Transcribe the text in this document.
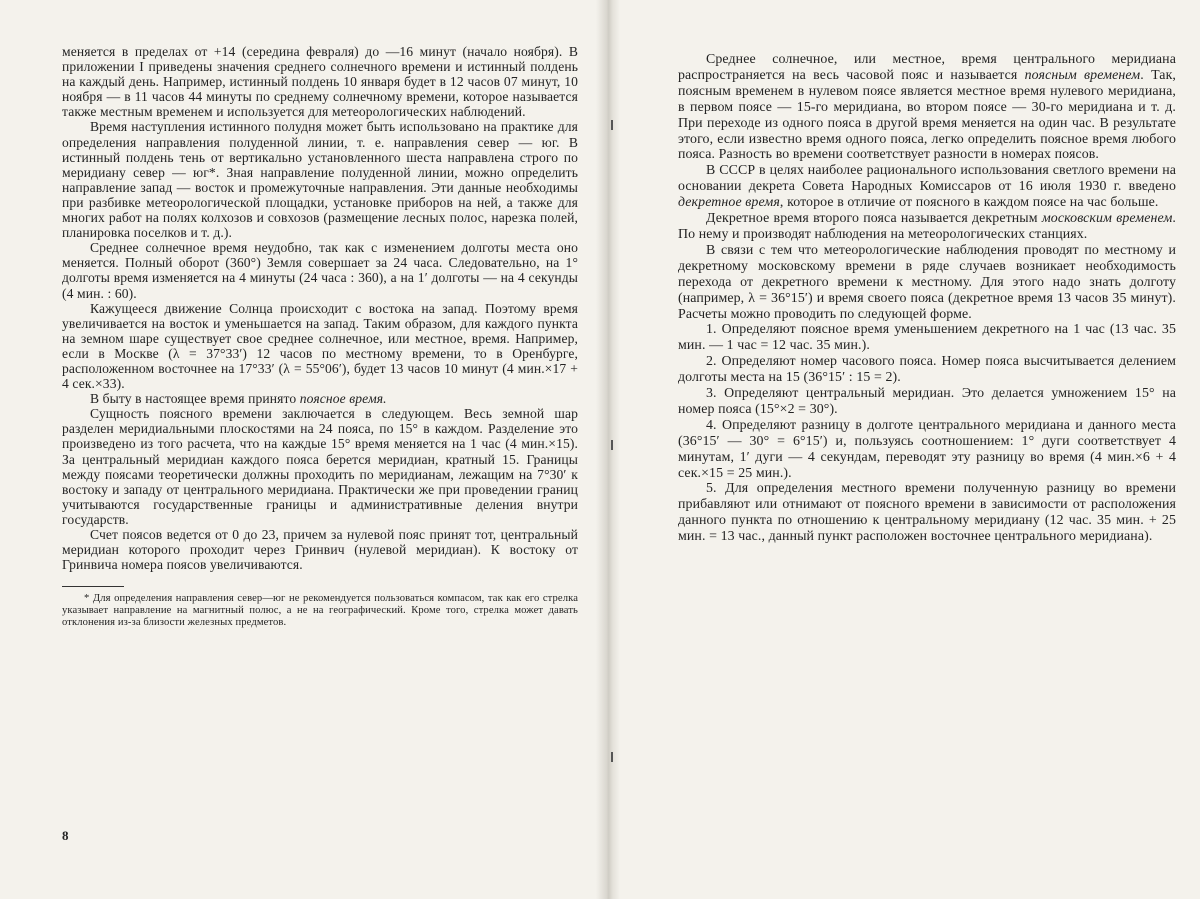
меняется в пределах от +14 (середина февраля) до —16 минут (начало ноября). В приложении I приведены значения среднего солнечного времени и истинный полдень на каждый день. Например, истинный полдень 10 января будет в 12 часов 07 минут, 10 ноября — в 11 часов 44 минуты по среднему солнечному времени, которое называется также местным временем и используется для метеорологических наблюдений.

Время наступления истинного полудня может быть использовано на практике для определения направления полуденной линии, т. е. направления север — юг. В истинный полдень тень от вертикально установленного шеста направлена строго по меридиану север — юг*. Зная направление полуденной линии, можно определить направление запад — восток и промежуточные направления. Эти данные необходимы при разбивке метеорологической площадки, установке приборов на ней, а также для многих работ на полях колхозов и совхозов (размещение лесных полос, нарезка полей, планировка поселков и т. д.).

Среднее солнечное время неудобно, так как с изменением долготы места оно меняется. Полный оборот (360°) Земля совершает за 24 часа. Следовательно, на 1° долготы время изменяется на 4 минуты (24 часа : 360), а на 1′ долготы — на 4 секунды (4 мин. : 60).

Кажущееся движение Солнца происходит с востока на запад. Поэтому время увеличивается на восток и уменьшается на запад. Таким образом, для каждого пункта на земном шаре существует свое среднее солнечное, или местное, время. Например, если в Москве (λ = 37°33′) 12 часов по местному времени, то в Оренбурге, расположенном восточнее на 17°33′ (λ = 55°06′), будет 13 часов 10 минут (4 мин.×17 + 4 сек.×33).

В быту в настоящее время принято поясное время.

Сущность поясного времени заключается в следующем. Весь земной шар разделен меридиальными плоскостями на 24 пояса, по 15° в каждом. Разделение это произведено из того расчета, что на каждые 15° время меняется на 1 час (4 мин.×15). За центральный меридиан каждого пояса берется меридиан, кратный 15. Границы между поясами теоретически должны проходить по меридианам, лежащим на 7°30′ к востоку и западу от центрального меридиана. Практически же при проведении границ учитываются государственные границы и административные деления внутри государств.

Счет поясов ведется от 0 до 23, причем за нулевой пояс принят тот, центральный меридиан которого проходит через Гринвич (нулевой меридиан). К востоку от Гринвича номера поясов увеличиваются.

* Для определения направления север—юг не рекомендуется пользоваться компасом, так как его стрелка указывает направление на магнитный полюс, а не на географический. Кроме того, стрелка может давать отклонения из-за близости железных предметов.

8

Среднее солнечное, или местное, время центрального меридиана распространяется на весь часовой пояс и называется поясным временем. Так, поясным временем в нулевом поясе является местное время нулевого меридиана, в первом поясе — 15-го меридиана, во втором поясе — 30-го меридиана и т. д. При переходе из одного пояса в другой время меняется на один час. В результате этого, если известно время одного пояса, легко определить поясное время любого пояса. Разность во времени соответствует разности в номерах поясов.

В СССР в целях наиболее рационального использования светлого времени на основании декрета Совета Народных Комиссаров от 16 июля 1930 г. введено декретное время, которое в отличие от поясного в каждом поясе на час больше.

Декретное время второго пояса называется декретным московским временем. По нему и производят наблюдения на метеорологических станциях.

В связи с тем что метеорологические наблюдения проводят по местному и декретному московскому времени в ряде случаев возникает необходимость перехода от декретного времени к местному. Для этого надо знать долготу (например, λ = 36°15′) и время своего пояса (декретное время 13 часов 35 минут). Расчеты можно проводить по следующей форме.

1. Определяют поясное время уменьшением декретного на 1 час (13 час. 35 мин. — 1 час = 12 час. 35 мин.).

2. Определяют номер часового пояса. Номер пояса высчитывается делением долготы места на 15 (36°15′ : 15 = 2).

3. Определяют центральный меридиан. Это делается умножением 15° на номер пояса (15°×2 = 30°).

4. Определяют разницу в долготе центрального меридиана и данного места (36°15′ — 30° = 6°15′) и, пользуясь соотношением: 1° дуги соответствует 4 минутам, 1′ дуги — 4 секундам, переводят эту разницу во время (4 мин.×6 + 4 сек.×15 = 25 мин.).

5. Для определения местного времени полученную разницу во времени прибавляют или отнимают от поясного времени в зависимости от расположения данного пункта по отношению к центральному меридиану (12 час. 35 мин. + 25 мин. = 13 час., данный пункт расположен восточнее центрального меридиана).
